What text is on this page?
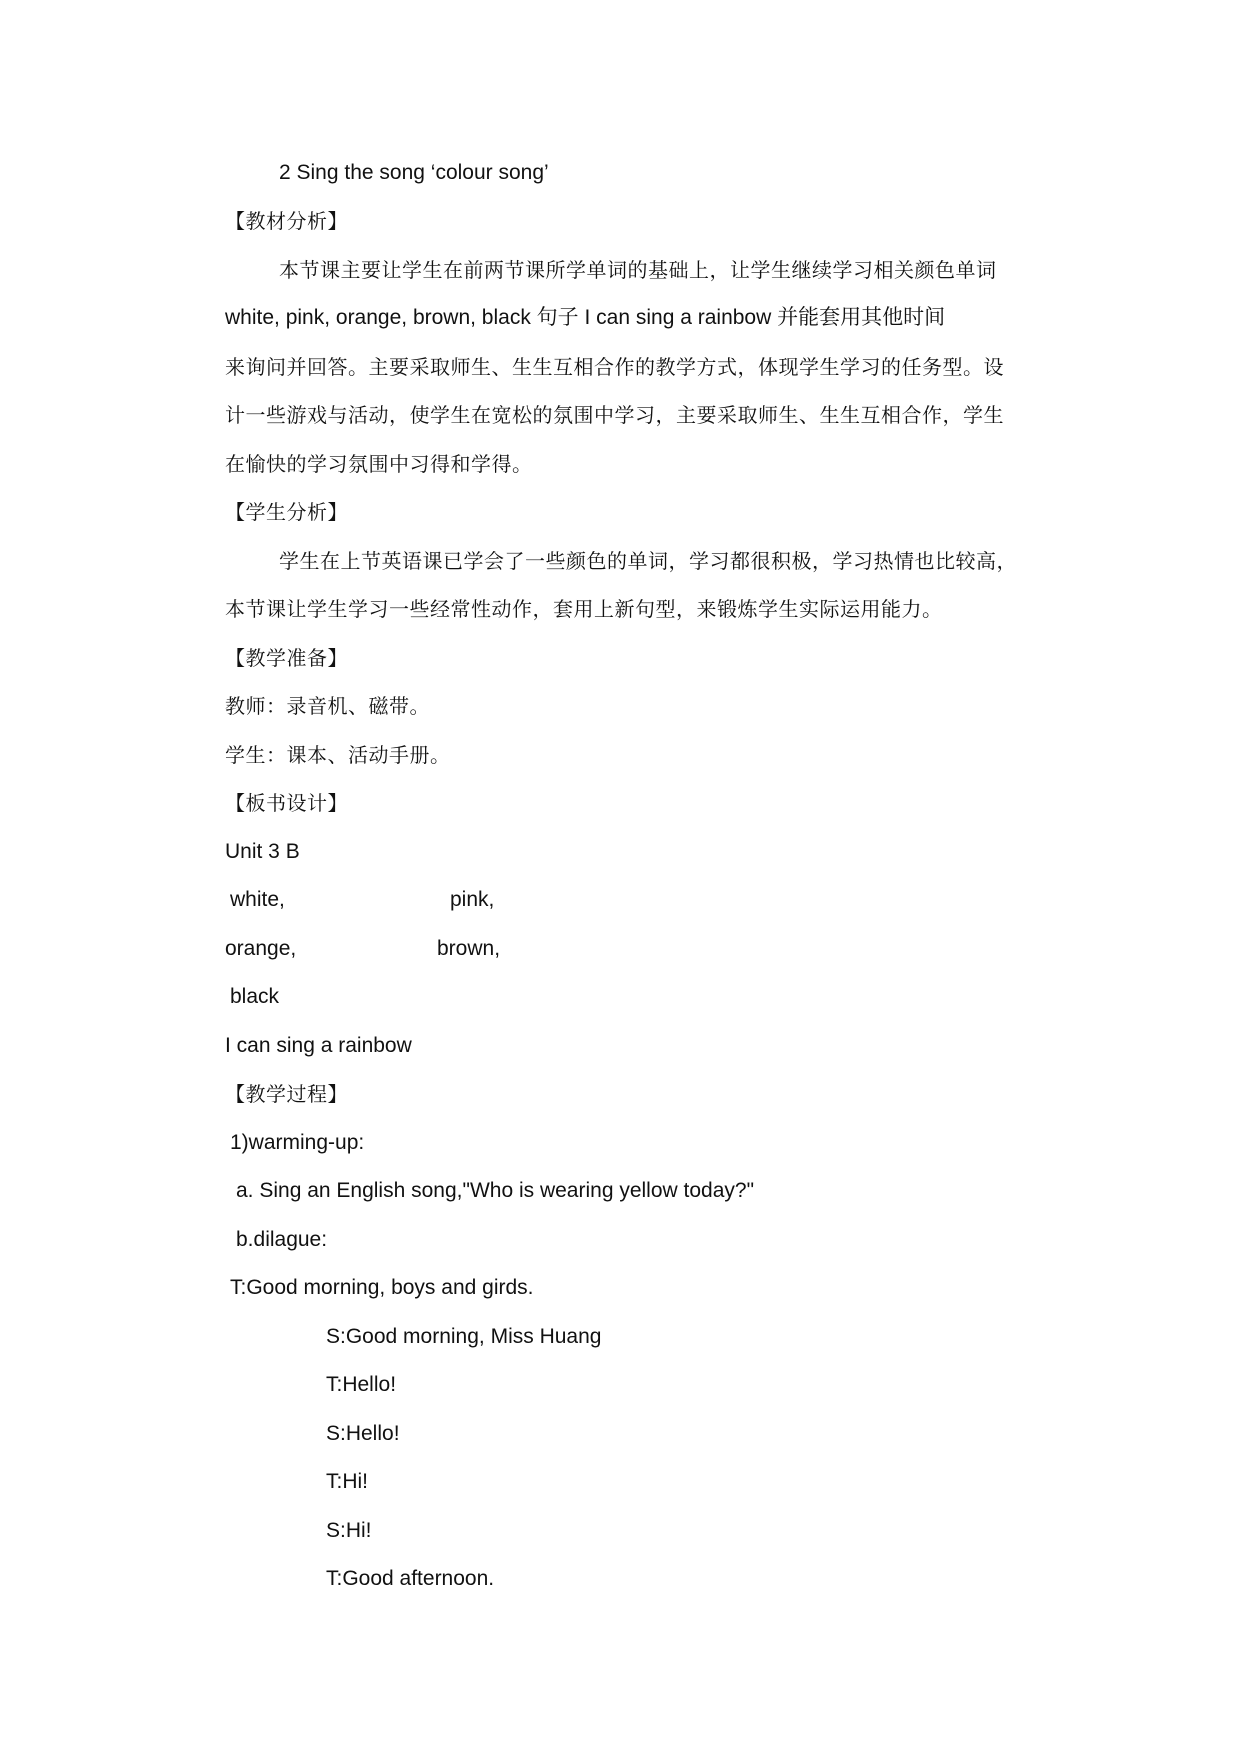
2 Sing the song ‘colour song’
【教材分析】
本节课主要让学生在前两节课所学单词的基础上，让学生继续学习相关颜色单词
white, pink, orange, brown, black 句子 I can sing a rainbow 并能套用其他时间
来询问并回答。主要采取师生、生生互相合作的教学方式，体现学生学习的任务型。设
计一些游戏与活动，使学生在宽松的氛围中学习，主要采取师生、生生互相合作，学生
在愉快的学习氛围中习得和学得。
【学生分析】
学生在上节英语课已学会了一些颜色的单词，学习都很积极，学习热情也比较高，
本节课让学生学习一些经常性动作，套用上新句型，来锻炼学生实际运用能力。
【教学准备】
教师：录音机、磁带。
学生：课本、活动手册。
【板书设计】
Unit 3 B
white,	pink,
orange,	brown,
black
I can sing a rainbow
【教学过程】
1)warming-up:
a. Sing an English song,"Who is wearing yellow today?"
b.dilague:
T:Good morning, boys and girds.
S:Good morning, Miss Huang
T:Hello!
S:Hello!
T:Hi!
S:Hi!
T:Good afternoon.
